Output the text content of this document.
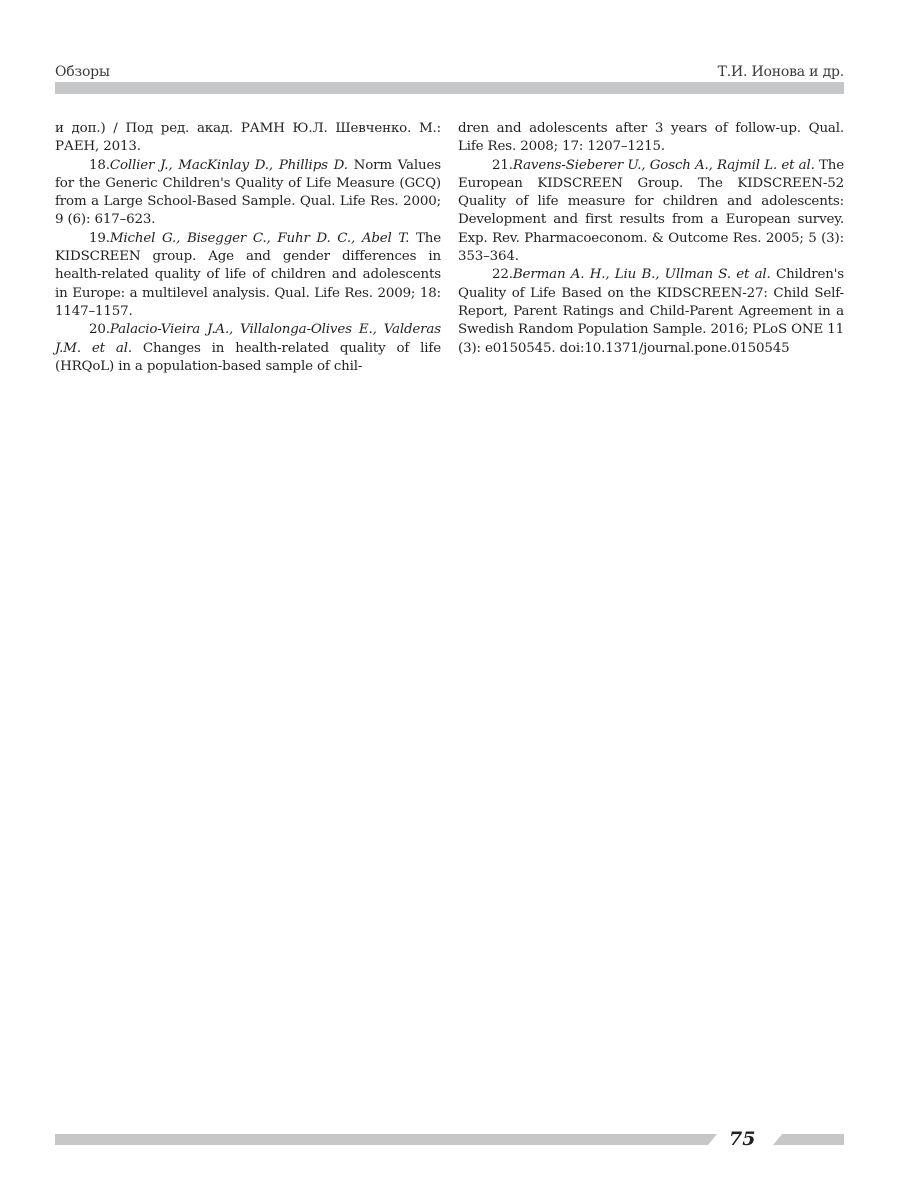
Обзоры	Т.И. Ионова и др.

и доп.) / Под ред. акад. РАМН Ю.Л. Шевченко. М.: РАЕН, 2013.

18.Collier J., MacKinlay D., Phillips D. Norm Values for the Generic Children's Quality of Life Measure (GCQ) from a Large School-Based Sample. Qual. Life Res. 2000; 9 (6): 617–623.

19.Michel G., Bisegger C., Fuhr D. C., Abel T. The KIDSCREEN group. Age and gender differences in health-related quality of life of children and adolescents in Europe: a multilevel analysis. Qual. Life Res. 2009; 18: 1147–1157.

20.Palacio-Vieira J.A., Villalonga-Olives E., Valderas J.M. et al. Changes in health-related quality of life (HRQoL) in a population-based sample of chil-

dren and adolescents after 3 years of follow-up. Qual. Life Res. 2008; 17: 1207–1215.

21.Ravens-Sieberer U., Gosch A., Rajmil L. et al. The European KIDSCREEN Group. The KIDSCREEN-52 Quality of life measure for children and adolescents: Development and first results from a European survey. Exp. Rev. Pharmacoeconom. & Outcome Res. 2005; 5 (3): 353–364.

22.Berman A. H., Liu B., Ullman S. et al. Children's Quality of Life Based on the KIDSCREEN-27: Child Self-Report, Parent Ratings and Child-Parent Agreement in a Swedish Random Population Sample. 2016; PLoS ONE 11 (3): e0150545. doi:10.1371/journal.pone.0150545

75
